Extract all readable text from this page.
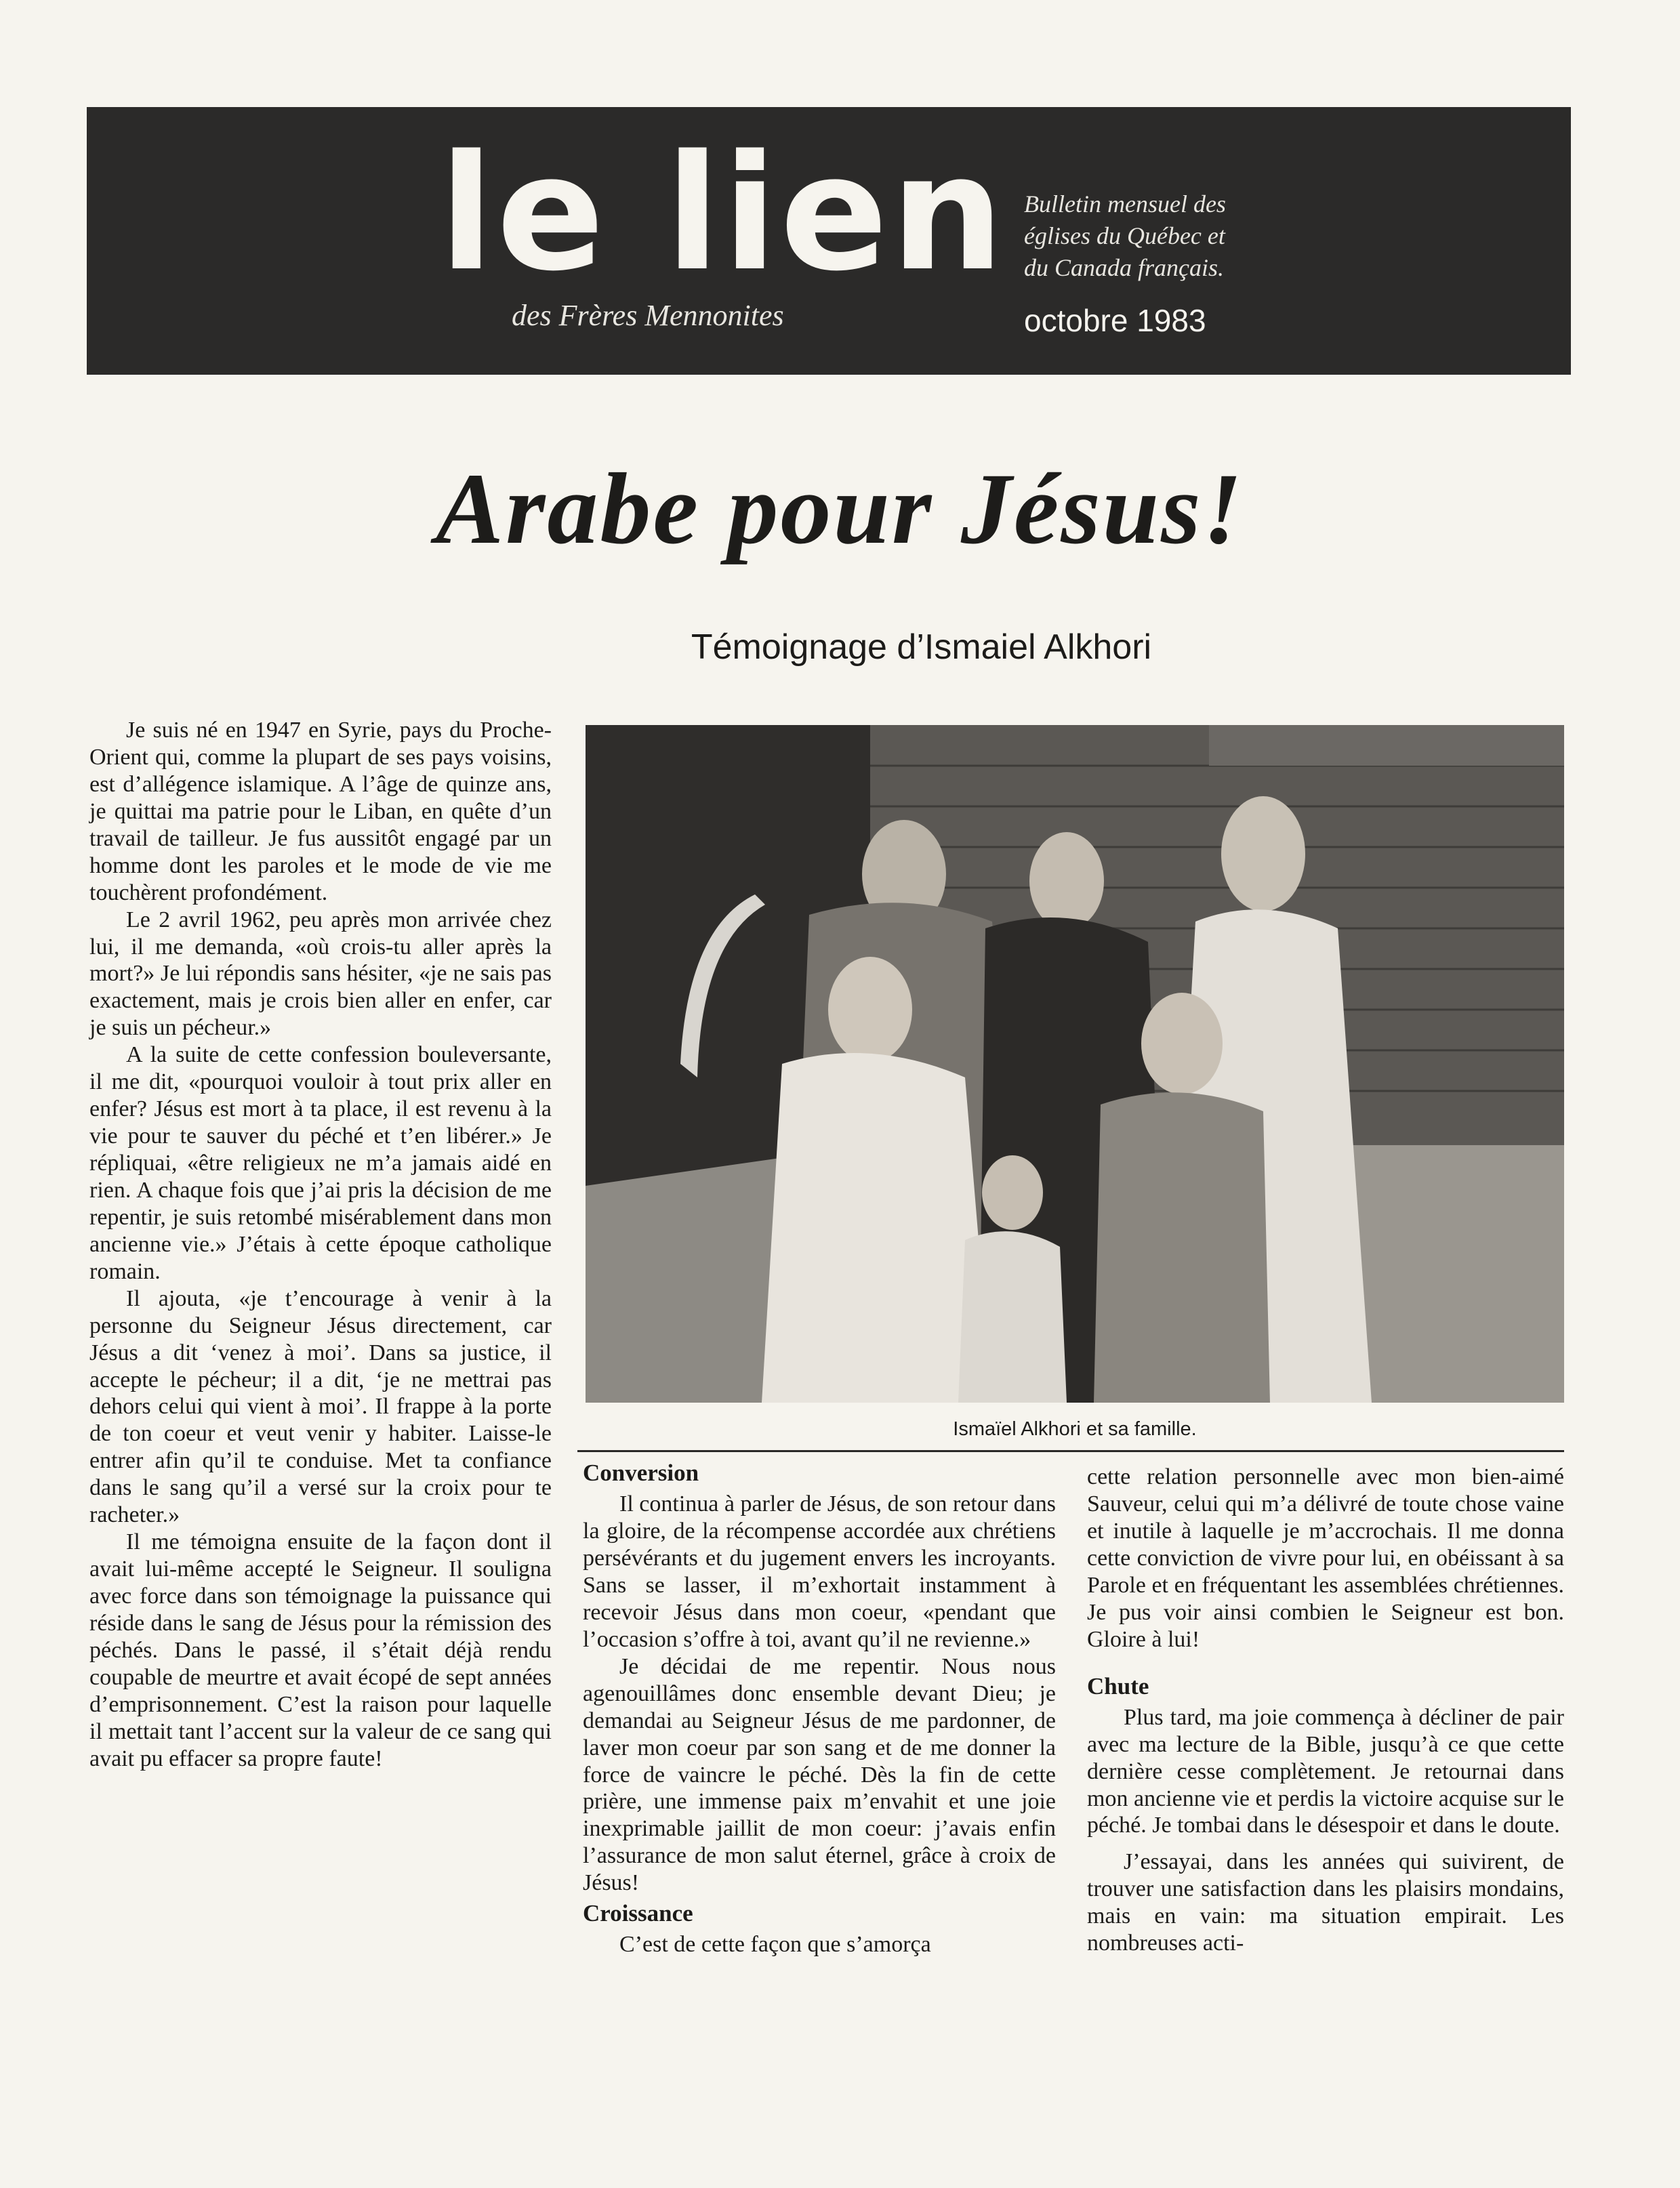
le lien
des Frères Mennonites
Bulletin mensuel des
églises du Québec et
du Canada français.
octobre 1983
Arabe pour Jésus!
Témoignage d’Ismaiel Alkhori

Je suis né en 1947 en Syrie, pays du Proche-Orient qui, comme la plupart de ses pays voisins, est d’allégence islamique. A l’âge de quinze ans, je quittai ma patrie pour le Liban, en quête d’un travail de tailleur. Je fus aussitôt engagé par un homme dont les paroles et le mode de vie me touchèrent profondément.

Le 2 avril 1962, peu après mon arrivée chez lui, il me demanda, «où crois-tu aller après la mort?» Je lui répondis sans hésiter, «je ne sais pas exactement, mais je crois bien aller en enfer, car je suis un pécheur.»

A la suite de cette confession bouleversante, il me dit, «pourquoi vouloir à tout prix aller en enfer? Jésus est mort à ta place, il est revenu à la vie pour te sauver du péché et t’en libérer.» Je répliquai, «être religieux ne m’a jamais aidé en rien. A chaque fois que j’ai pris la décision de me repentir, je suis retombé misérablement dans mon ancienne vie.» J’étais à cette époque catholique romain.

Il ajouta, «je t’encourage à venir à la personne du Seigneur Jésus directement, car Jésus a dit ‘venez à moi’. Dans sa justice, il accepte le pécheur; il a dit, ‘je ne mettrai pas dehors celui qui vient à moi’. Il frappe à la porte de ton coeur et veut venir y habiter. Laisse-le entrer afin qu’il te conduise. Met ta confiance dans le sang qu’il a versé sur la croix pour te racheter.»

Il me témoigna ensuite de la façon dont il avait lui-même accepté le Seigneur. Il souligna avec force dans son témoignage la puissance qui réside dans le sang de Jésus pour la rémission des péchés. Dans le passé, il s’était déjà rendu coupable de meurtre et avait écopé de sept années d’emprisonnement. C’est la raison pour laquelle il mettait tant l’accent sur la valeur de ce sang qui avait pu effacer sa propre faute!

Ismaïel Alkhori et sa famille.
Conversion

Il continua à parler de Jésus, de son retour dans la gloire, de la récompense accordée aux chrétiens persévérants et du jugement envers les incroyants. Sans se lasser, il m’exhortait instamment à recevoir Jésus dans mon coeur, «pendant que l’occasion s’offre à toi, avant qu’il ne revienne.»

Je décidai de me repentir. Nous nous agenouillâmes donc ensemble devant Dieu; je demandai au Seigneur Jésus de me pardonner, de laver mon coeur par son sang et de me donner la force de vaincre le péché. Dès la fin de cette prière, une immense paix m’envahit et une joie inexprimable jaillit de mon coeur: j’avais enfin l’assurance de mon salut éternel, grâce à croix de Jésus!

Croissance

C’est de cette façon que s’amorça

cette relation personnelle avec mon bien-aimé Sauveur, celui qui m’a délivré de toute chose vaine et inutile à laquelle je m’accrochais. Il me donna cette conviction de vivre pour lui, en obéissant à sa Parole et en fréquentant les assemblées chrétiennes. Je pus voir ainsi combien le Seigneur est bon. Gloire à lui!

Chute

Plus tard, ma joie commença à décliner de pair avec ma lecture de la Bible, jusqu’à ce que cette dernière cesse complètement. Je retournai dans mon ancienne vie et perdis la victoire acquise sur le péché. Je tombai dans le désespoir et dans le doute.

J’essayai, dans les années qui suivirent, de trouver une satisfaction dans les plaisirs mondains, mais en vain: ma situation empirait. Les nombreuses acti-
